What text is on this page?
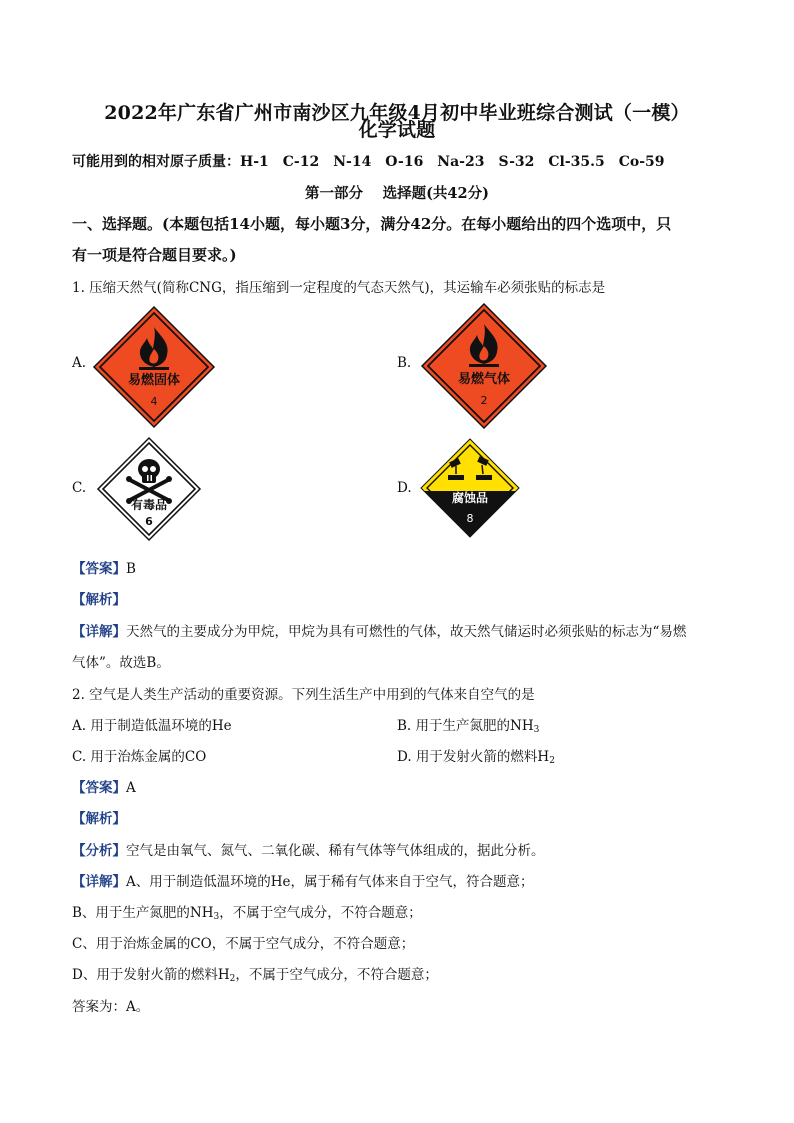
2022年广东省广州市南沙区九年级4月初中毕业班综合测试（一模）
化学试题
可能用到的相对原子质量：H-1　C-12　N-14　O-16　Na-23　S-32　Cl-35.5　Co-59
第一部分　 选择题(共42分)
一、选择题。(本题包括14小题，每小题3分，满分42分。在每小题给出的四个选项中，只
有一项是符合题目要求。)
1. 压缩天然气(简称CNG，指压缩到一定程度的气态天然气)，其运输车必须张贴的标志是
A.
易燃固体
4
B.
易燃气体
2
C.
有毒品
6
D.
腐蚀品
8
【答案】B
【解析】
【详解】天然气的主要成分为甲烷，甲烷为具有可燃性的气体，故天然气储运时必须张贴的标志为“易燃
气体”。故选B。
2. 空气是人类生产活动的重要资源。下列生活生产中用到的气体来自空气的是
A. 用于制造低温环境的He	B. 用于生产氮肥的$NH_3$
C. 用于治炼金属的CO	D. 用于发射火箭的燃料$H_2$
【答案】A
【解析】
【分析】空气是由氧气、氮气、二氧化碳、稀有气体等气体组成的，据此分析。
【详解】A、用于制造低温环境的He，属于稀有气体来自于空气，符合题意；
B、用于生产氮肥的$NH_3$，不属于空气成分，不符合题意；
C、用于治炼金属的CO，不属于空气成分，不符合题意；
D、用于发射火箭的燃料$H_2$，不属于空气成分，不符合题意；
答案为：A。
